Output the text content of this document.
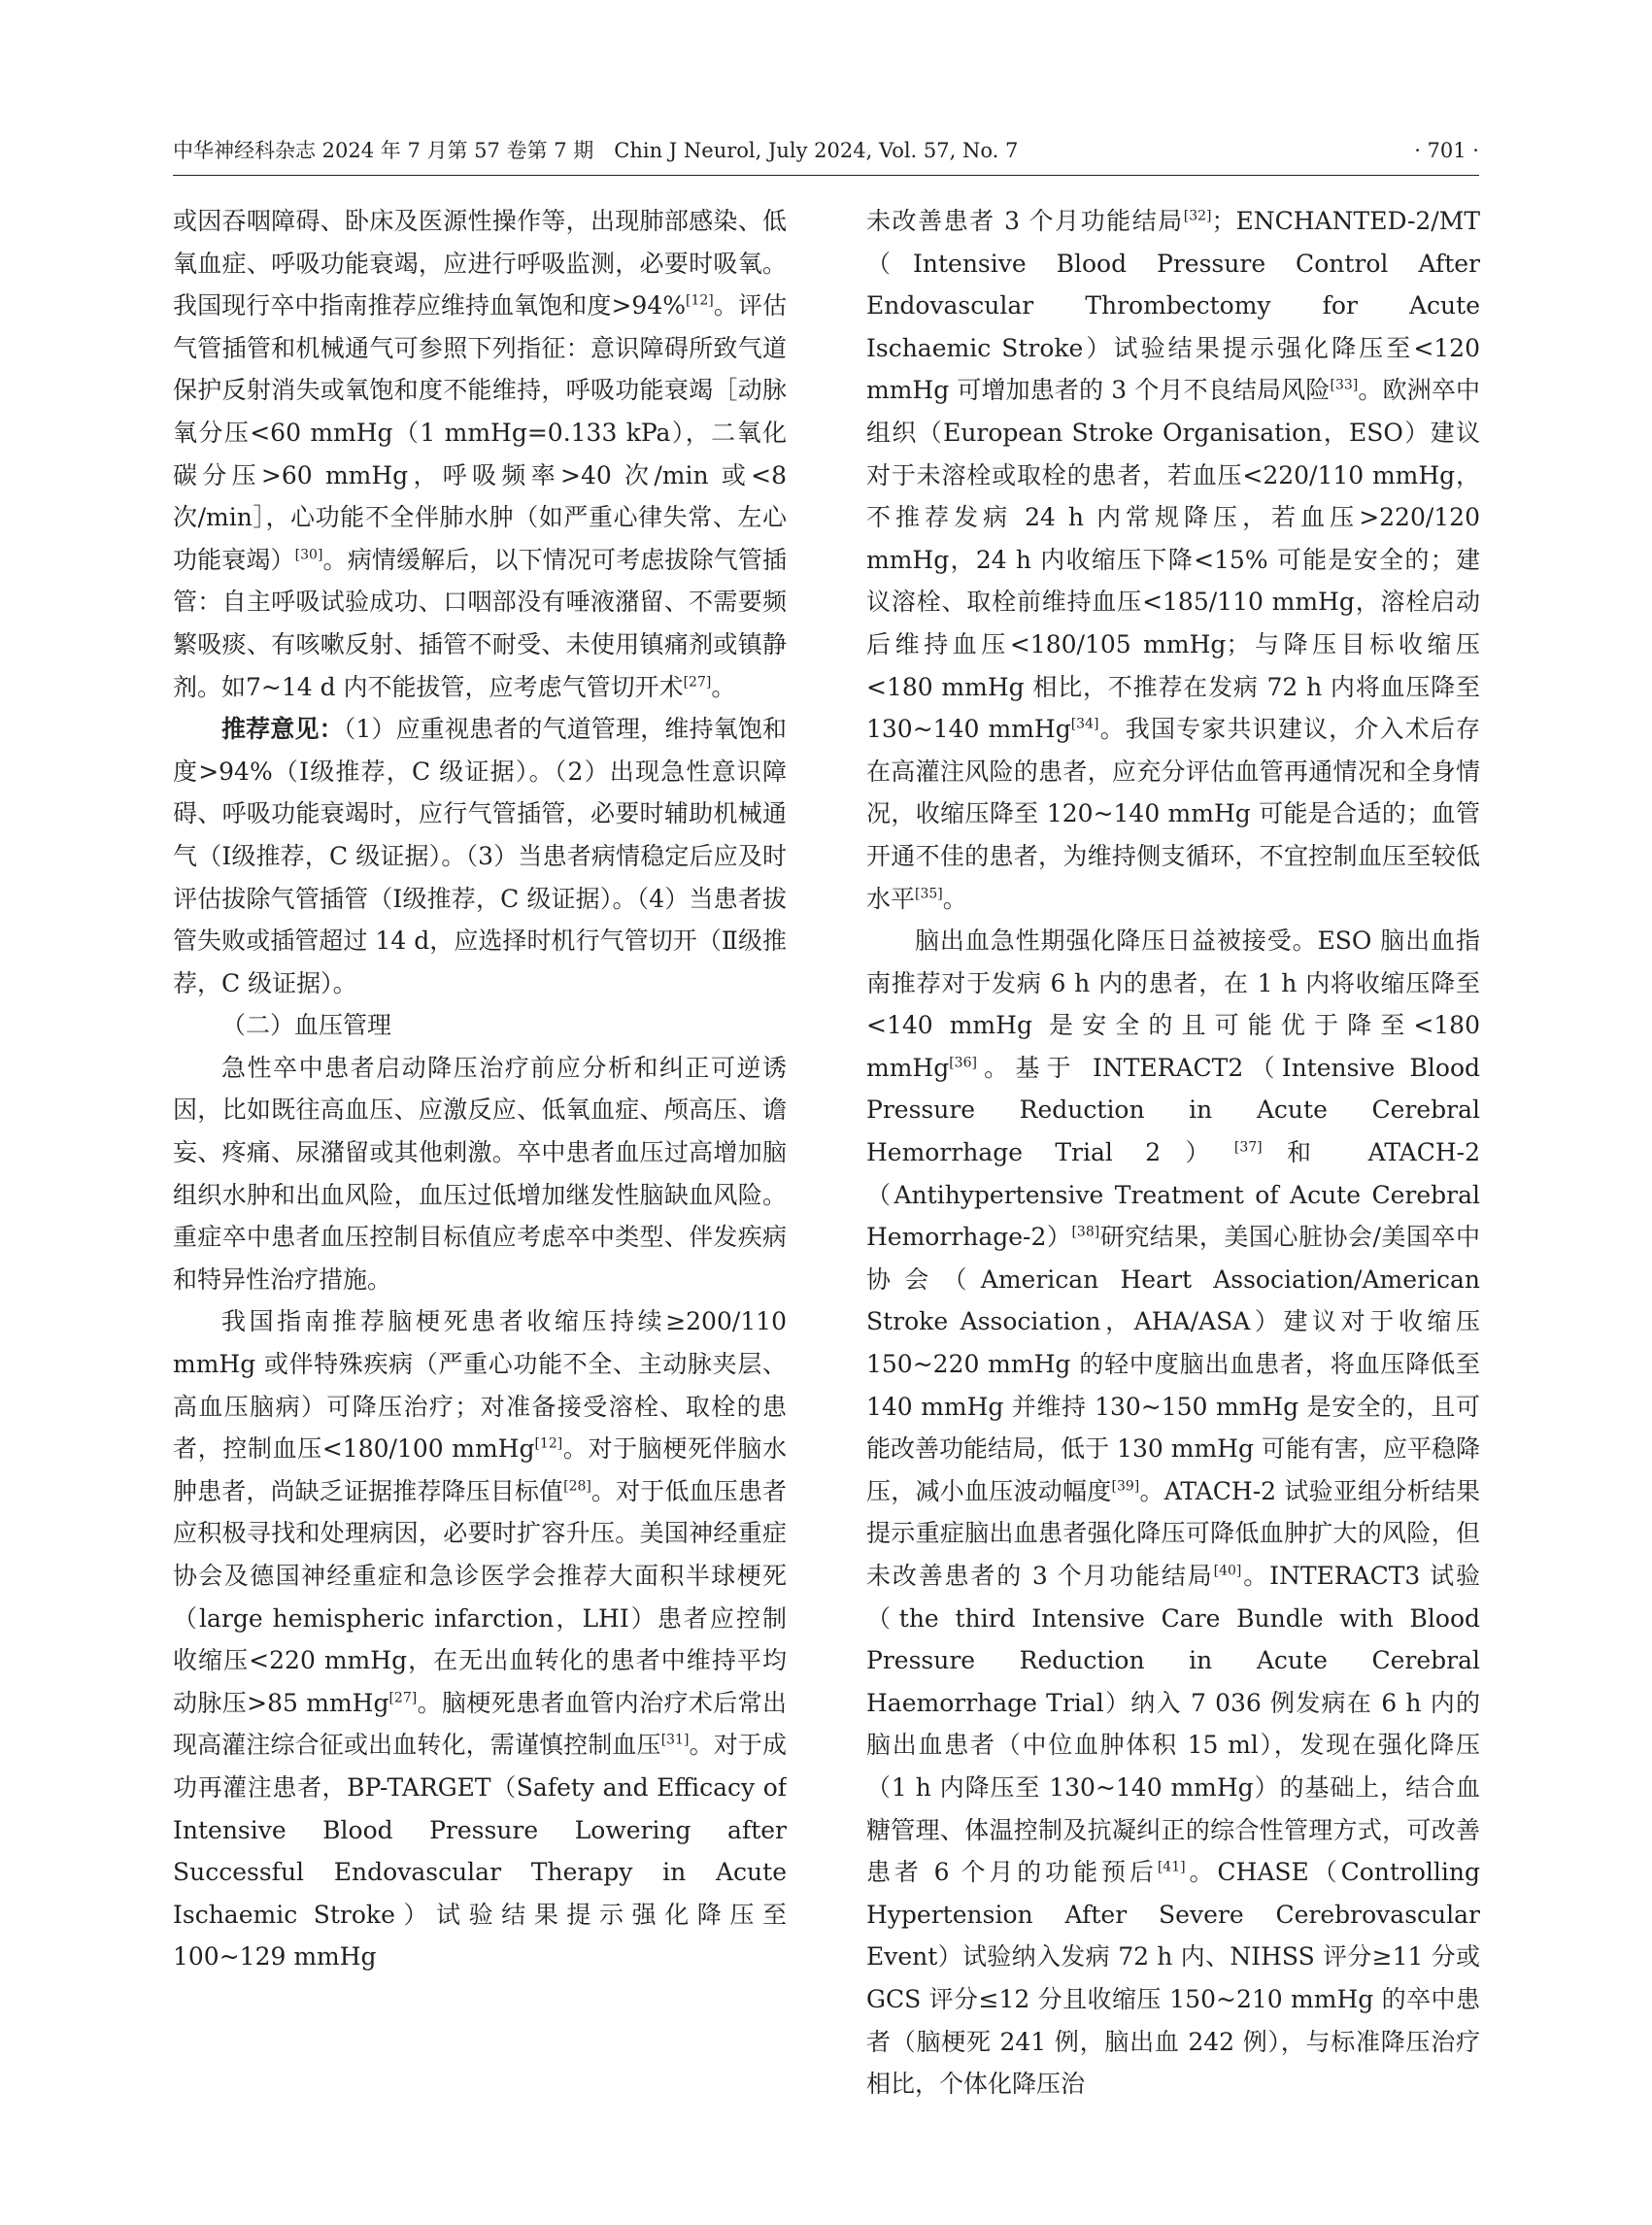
中华神经科杂志 2024 年 7 月第 57 卷第 7 期　Chin J Neurol, July 2024, Vol. 57, No. 7	· 701 ·

或因吞咽障碍、卧床及医源性操作等，出现肺部感染、低氧血症、呼吸功能衰竭，应进行呼吸监测，必要时吸氧。我国现行卒中指南推荐应维持血氧饱和度>94%[12]。评估气管插管和机械通气可参照下列指征：意识障碍所致气道保护反射消失或氧饱和度不能维持，呼吸功能衰竭［动脉氧分压<60 mmHg（1 mmHg=0.133 kPa），二氧化碳分压>60 mmHg，呼吸频率>40 次/min 或<8 次/min］，心功能不全伴肺水肿（如严重心律失常、左心功能衰竭）[30]。病情缓解后，以下情况可考虑拔除气管插管：自主呼吸试验成功、口咽部没有唾液潴留、不需要频繁吸痰、有咳嗽反射、插管不耐受、未使用镇痛剂或镇静剂。如7~14 d 内不能拔管，应考虑气管切开术[27]。

推荐意见：（1）应重视患者的气道管理，维持氧饱和度>94%（Ⅰ级推荐，C 级证据）。（2）出现急性意识障碍、呼吸功能衰竭时，应行气管插管，必要时辅助机械通气（Ⅰ级推荐，C 级证据）。（3）当患者病情稳定后应及时评估拔除气管插管（Ⅰ级推荐，C 级证据）。（4）当患者拔管失败或插管超过 14 d，应选择时机行气管切开（Ⅱ级推荐，C 级证据）。

（二）血压管理

急性卒中患者启动降压治疗前应分析和纠正可逆诱因，比如既往高血压、应激反应、低氧血症、颅高压、谵妄、疼痛、尿潴留或其他刺激。卒中患者血压过高增加脑组织水肿和出血风险，血压过低增加继发性脑缺血风险。重症卒中患者血压控制目标值应考虑卒中类型、伴发疾病和特异性治疗措施。

我国指南推荐脑梗死患者收缩压持续≥200/110 mmHg 或伴特殊疾病（严重心功能不全、主动脉夹层、高血压脑病）可降压治疗；对准备接受溶栓、取栓的患者，控制血压<180/100 mmHg[12]。对于脑梗死伴脑水肿患者，尚缺乏证据推荐降压目标值[28]。对于低血压患者应积极寻找和处理病因，必要时扩容升压。美国神经重症协会及德国神经重症和急诊医学会推荐大面积半球梗死（large hemispheric infarction，LHI）患者应控制收缩压<220 mmHg，在无出血转化的患者中维持平均动脉压>85 mmHg[27]。脑梗死患者血管内治疗术后常出现高灌注综合征或出血转化，需谨慎控制血压[31]。对于成功再灌注患者，BP-TARGET（Safety and Efficacy of Intensive Blood Pressure Lowering after Successful Endovascular Therapy in Acute Ischaemic Stroke）试验结果提示强化降压至 100~129 mmHg

未改善患者 3 个月功能结局[32]；ENCHANTED-2/MT（Intensive Blood Pressure Control After Endovascular Thrombectomy for Acute Ischaemic Stroke）试验结果提示强化降压至<120 mmHg 可增加患者的 3 个月不良结局风险[33]。欧洲卒中组织（European Stroke Organisation，ESO）建议对于未溶栓或取栓的患者，若血压<220/110 mmHg，不推荐发病 24 h 内常规降压，若血压>220/120 mmHg，24 h 内收缩压下降<15% 可能是安全的；建议溶栓、取栓前维持血压<185/110 mmHg，溶栓启动后维持血压<180/105 mmHg；与降压目标收缩压<180 mmHg 相比，不推荐在发病 72 h 内将血压降至 130~140 mmHg[34]。我国专家共识建议，介入术后存在高灌注风险的患者，应充分评估血管再通情况和全身情况，收缩压降至 120~140 mmHg 可能是合适的；血管开通不佳的患者，为维持侧支循环，不宜控制血压至较低水平[35]。

脑出血急性期强化降压日益被接受。ESO 脑出血指南推荐对于发病 6 h 内的患者，在 1 h 内将收缩压降至<140 mmHg 是安全的且可能优于降至<180 mmHg[36]。基于 INTERACT2（Intensive Blood Pressure Reduction in Acute Cerebral Hemorrhage Trial 2）[37]和 ATACH-2（Antihypertensive Treatment of Acute Cerebral Hemorrhage-2）[38]研究结果，美国心脏协会/美国卒中协会（American Heart Association/American Stroke Association，AHA/ASA）建议对于收缩压 150~220 mmHg 的轻中度脑出血患者，将血压降低至 140 mmHg 并维持 130~150 mmHg 是安全的，且可能改善功能结局，低于 130 mmHg 可能有害，应平稳降压，减小血压波动幅度[39]。ATACH-2 试验亚组分析结果提示重症脑出血患者强化降压可降低血肿扩大的风险，但未改善患者的 3 个月功能结局[40]。INTERACT3 试验（the third Intensive Care Bundle with Blood Pressure Reduction in Acute Cerebral Haemorrhage Trial）纳入 7 036 例发病在 6 h 内的脑出血患者（中位血肿体积 15 ml），发现在强化降压（1 h 内降压至 130~140 mmHg）的基础上，结合血糖管理、体温控制及抗凝纠正的综合性管理方式，可改善患者 6 个月的功能预后[41]。CHASE（Controlling Hypertension After Severe Cerebrovascular Event）试验纳入发病 72 h 内、NIHSS 评分≥11 分或 GCS 评分≤12 分且收缩压 150~210 mmHg 的卒中患者（脑梗死 241 例，脑出血 242 例），与标准降压治疗相比，个体化降压治
